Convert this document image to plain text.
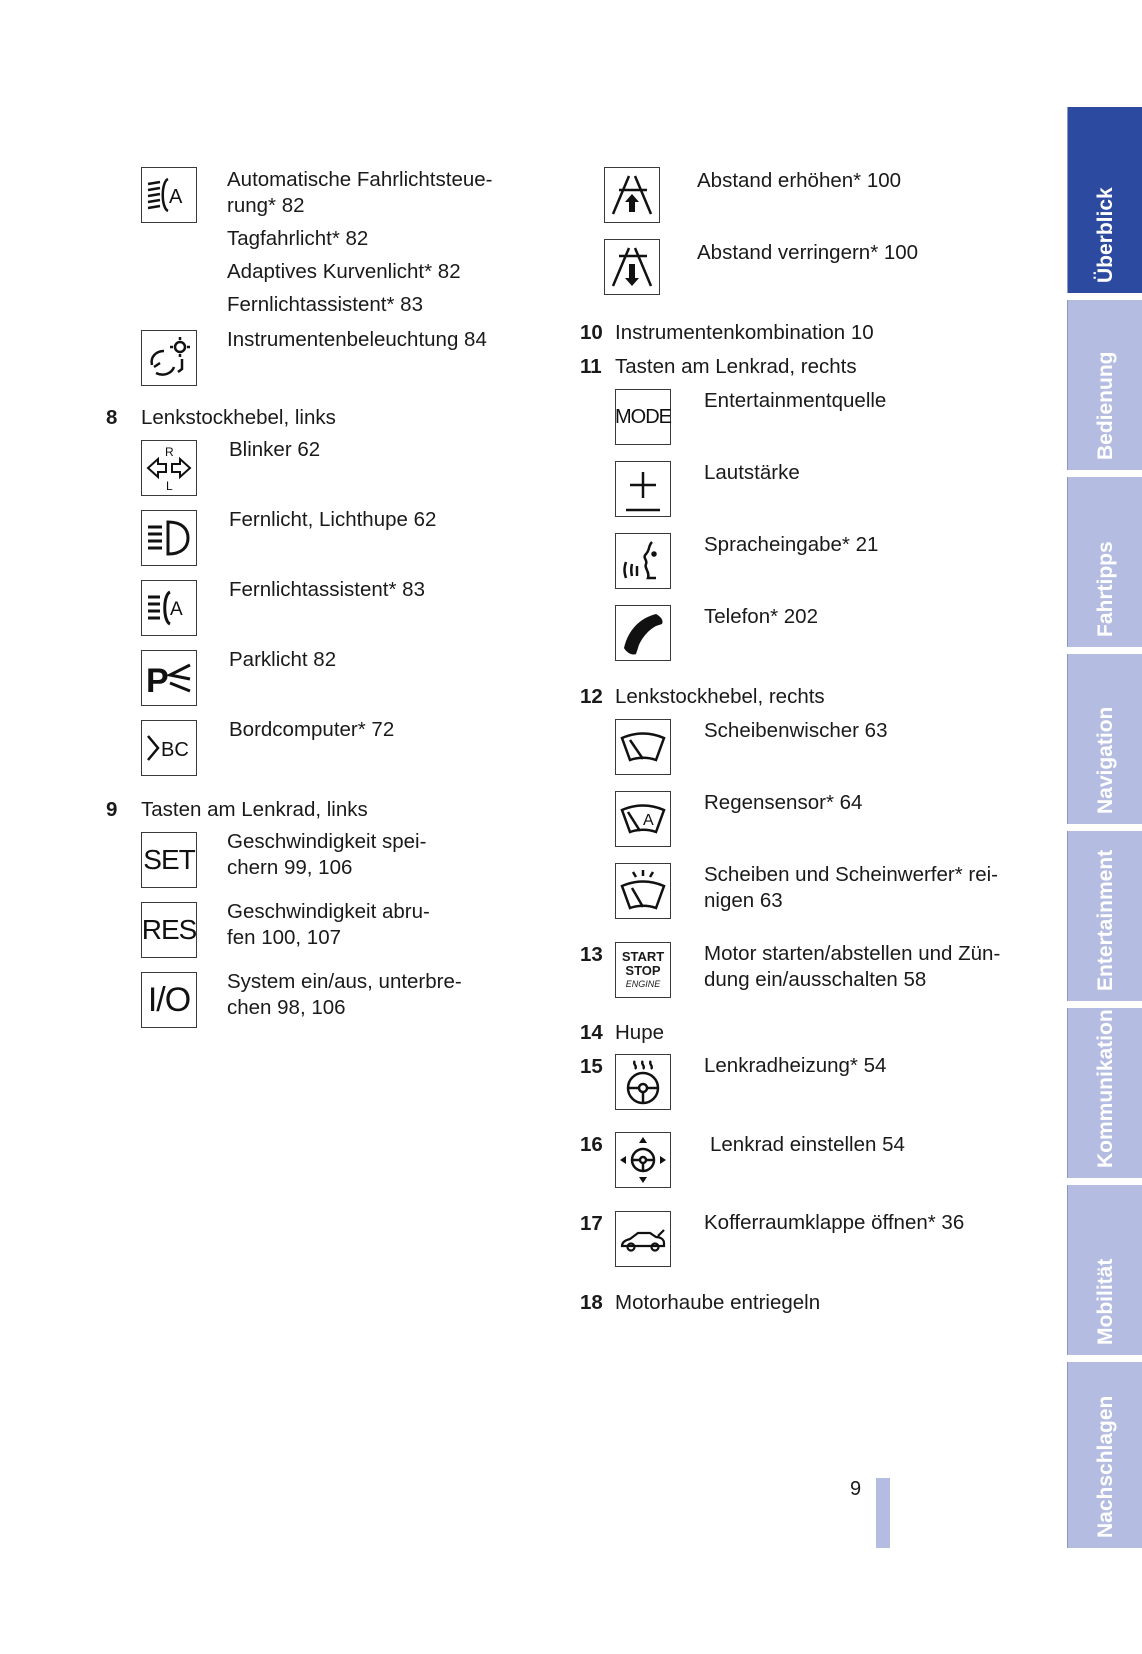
A
Automatische Fahrlichtsteue-
rung* 82
Tagfahrlicht* 82
Adaptives Kurvenlicht* 82
Fernlichtassistent* 83
Instrumentenbeleuchtung 84
8 Lenkstockhebel, links
R
L
Blinker 62
Fernlicht, Lichthupe 62
A
Fernlichtassistent* 83
P
Parklicht 82
BC
Bordcomputer* 72
9 Tasten am Lenkrad, links
SET
Geschwindigkeit spei-
chern 99, 106
RES
Geschwindigkeit abru-
fen 100, 107
I/O System ein/aus, unterbre-
chen 98, 106
Abstand erhöhen* 100
Abstand verringern* 100
10 Instrumentenkombination 10
11 Tasten am Lenkrad, rechts
MODE
Entertainmentquelle
Lautstärke
Spracheingabe* 21
Telefon* 202
12 Lenkstockhebel, rechts
Scheibenwischer 63
A
Regensensor* 64
Scheiben und Scheinwerfer* rei-
nigen 63
13 START
STOP
ENGINE
Motor starten/abstellen und Zün-
dung ein/ausschalten 58
14 Hupe
15	Lenkradheizung* 54
16	Lenkrad einstellen 54
17	Kofferraumklappe öffnen* 36
18 Motorhaube entriegeln
Überblick
Bedienung
Fahrtipps
Navigation
Entertainment
Kommunikation
Mobilität
Nachschlagen
9
